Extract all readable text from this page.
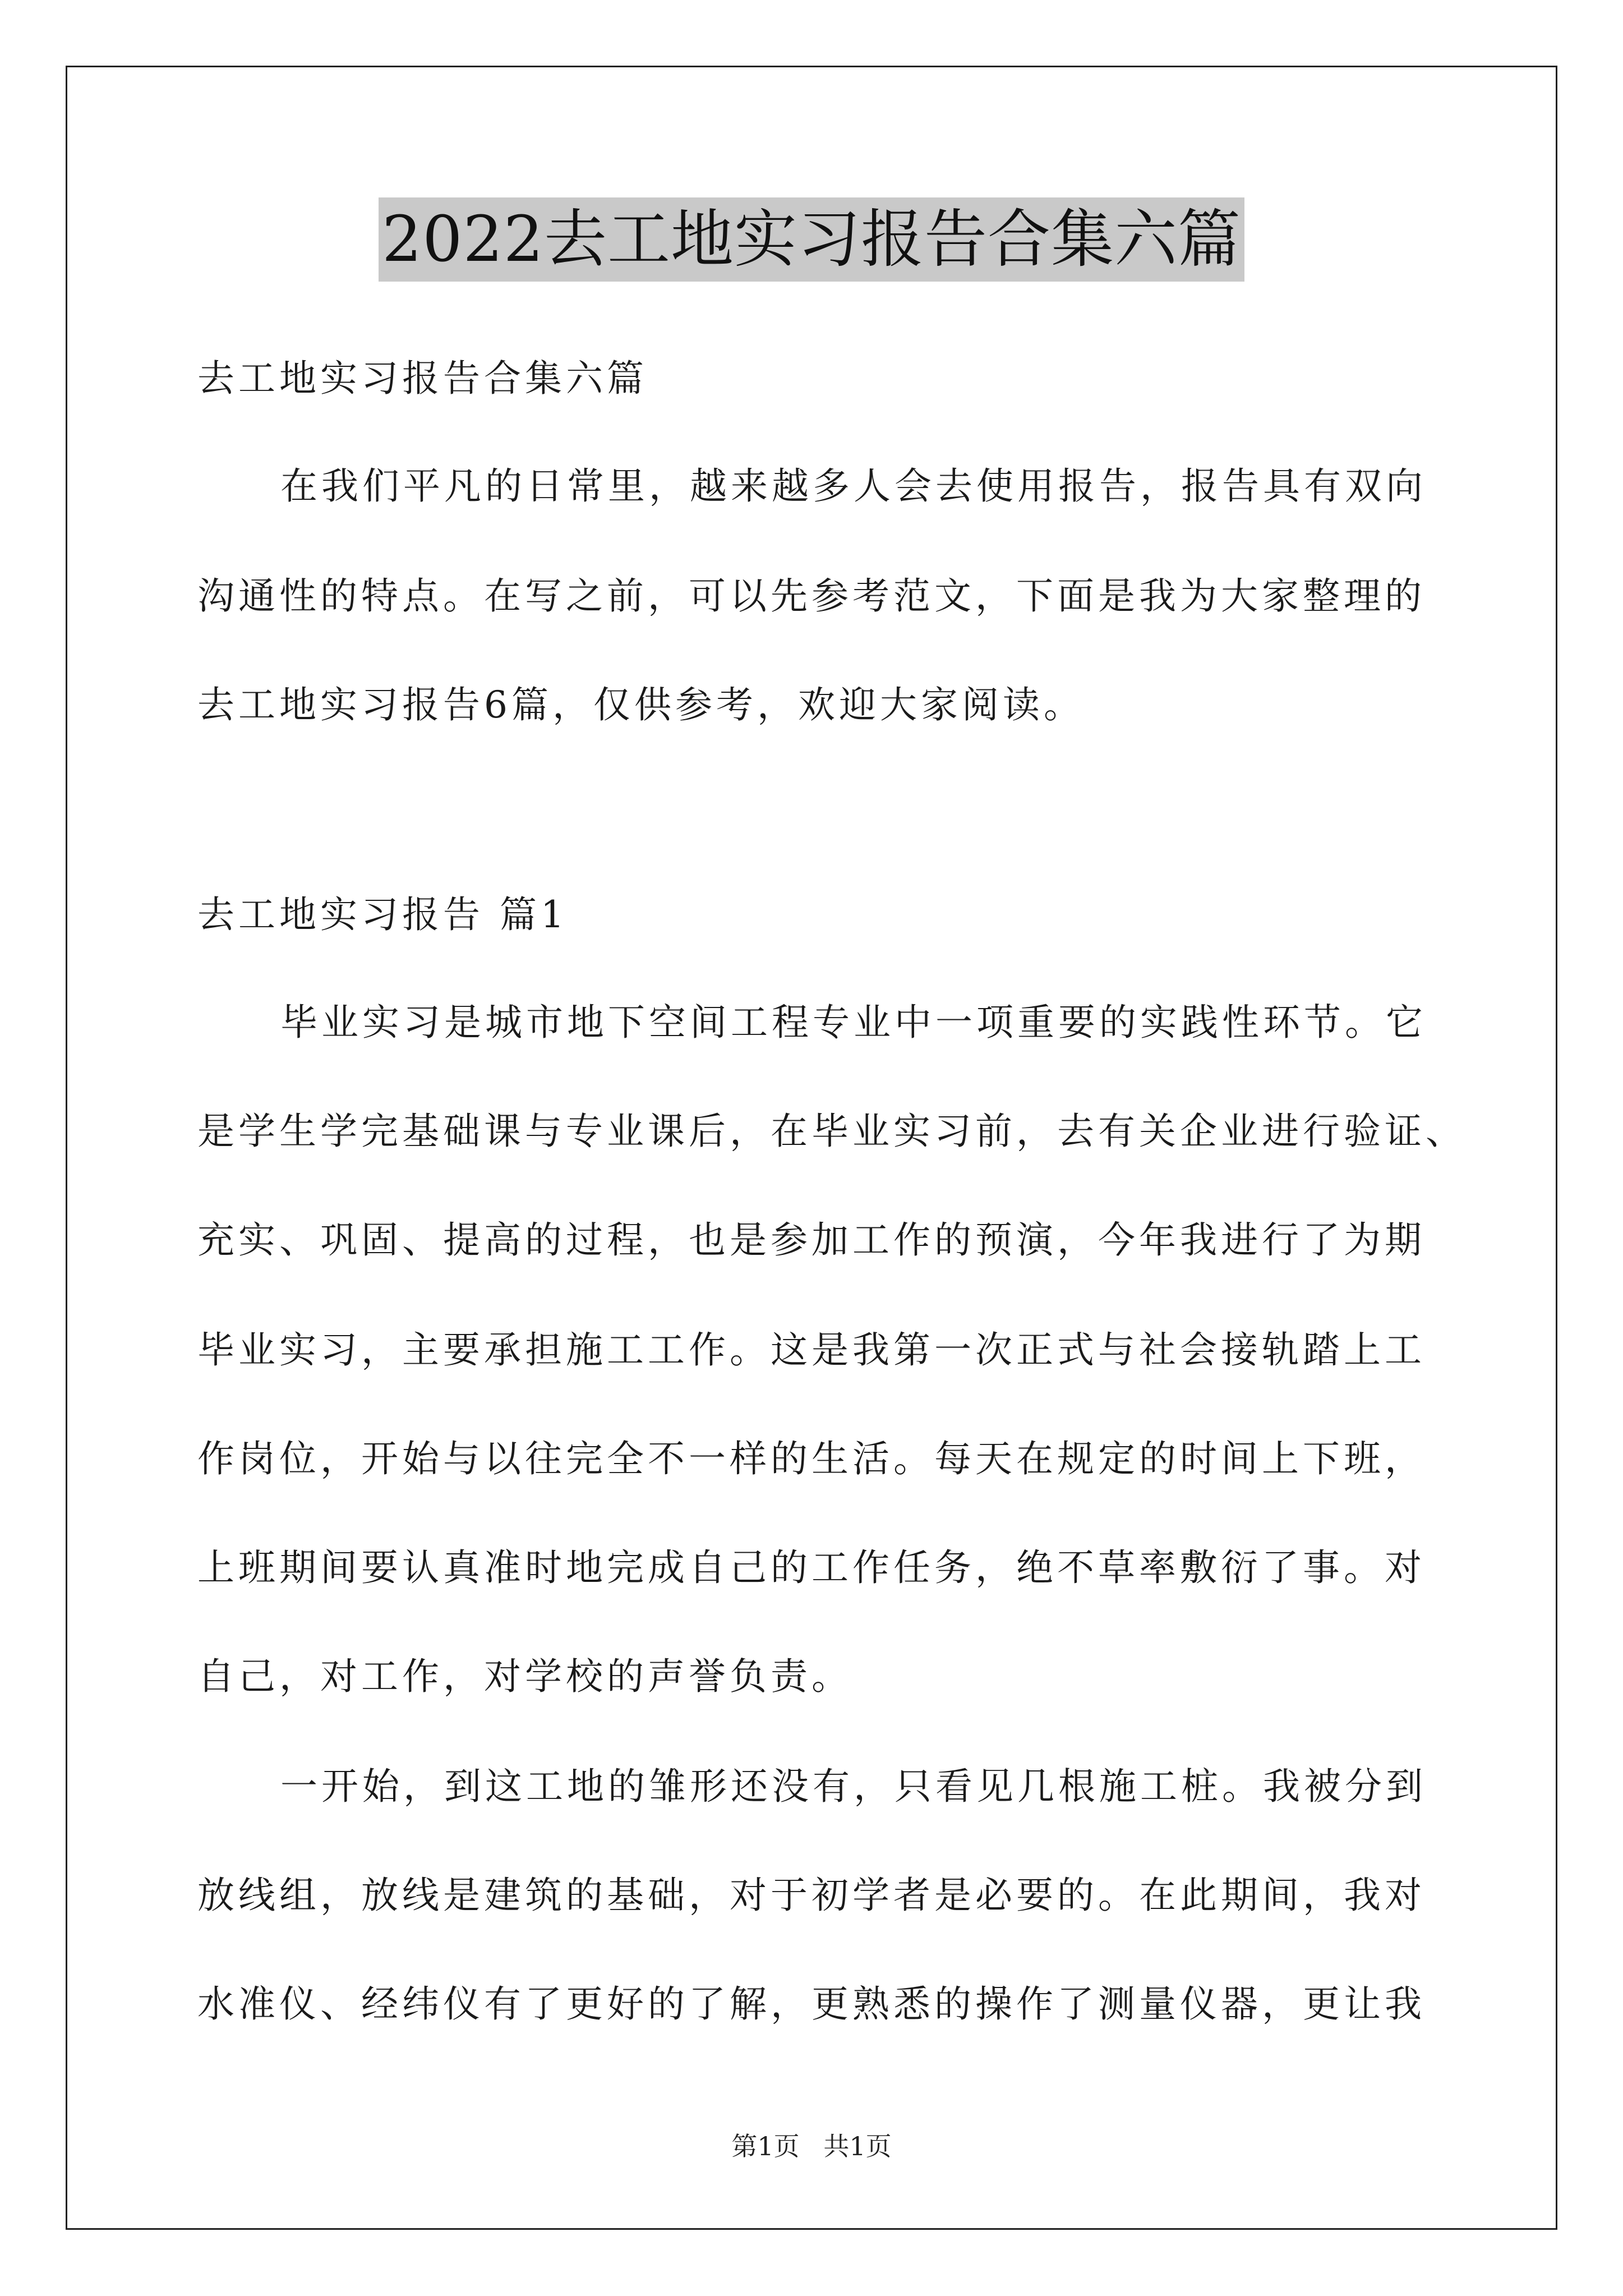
2022去工地实习报告合集六篇
去工地实习报告合集六篇
在我们平凡的日常里，越来越多人会去使用报告，报告具有双向
沟通性的特点。在写之前，可以先参考范文，下面是我为大家整理的
去工地实习报告6篇，仅供参考，欢迎大家阅读。
去工地实习报告 篇1
毕业实习是城市地下空间工程专业中一项重要的实践性环节。它
是学生学完基础课与专业课后，在毕业实习前，去有关企业进行验证、
充实、巩固、提高的过程，也是参加工作的预演，今年我进行了为期
毕业实习，主要承担施工工作。这是我第一次正式与社会接轨踏上工
作岗位，开始与以往完全不一样的生活。每天在规定的时间上下班，
上班期间要认真准时地完成自己的工作任务，绝不草率敷衍了事。对
自己，对工作，对学校的声誉负责。
一开始，到这工地的雏形还没有，只看见几根施工桩。我被分到
放线组，放线是建筑的基础，对于初学者是必要的。在此期间，我对
水准仪、经纬仪有了更好的了解，更熟悉的操作了测量仪器，更让我
第1页 共1页
